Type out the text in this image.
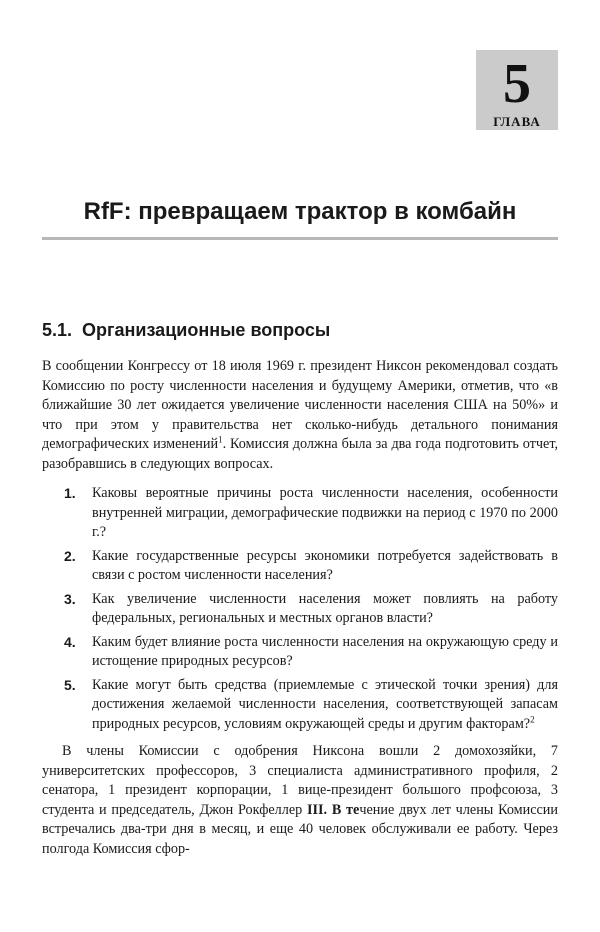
5
ГЛАВА
RfF: превращаем трактор в комбайн
5.1. Организационные вопросы

В сообщении Конгрессу от 18 июля 1969 г. президент Никсон рекомендовал создать Комиссию по росту численности населения и будущему Америки, отметив, что «в ближайшие 30 лет ожидается увеличение численности населения США на 50%» и что при этом у правительства нет сколько-нибудь детального понимания демографических изменений$^1$. Комиссия должна была за два года подготовить отчет, разобравшись в следующих вопросах.

1. Каковы вероятные причины роста численности населения, особенности внутренней миграции, демографические подвижки на период с 1970 по 2000 г.?
2. Какие государственные ресурсы экономики потребуется задействовать в связи с ростом численности населения?
3. Как увеличение численности населения может повлиять на работу федеральных, региональных и местных органов власти?
4. Каким будет влияние роста численности населения на окружающую среду и истощение природных ресурсов?
5. Какие могут быть средства (приемлемые с этической точки зрения) для достижения желаемой численности населения, соответствующей запасам природных ресурсов, условиям окружающей среды и другим факторам?$^2$

В члены Комиссии с одобрения Никсона вошли 2 домохозяйки, 7 университетских профессоров, 3 специалиста административного профиля, 2 сенатора, 1 президент корпорации, 1 вице-президент большого профсоюза, 3 студента и председатель, Джон Рокфеллер III. В течение двух лет члены Комиссии встречались два-три дня в месяц, и еще 40 человек обслуживали ее работу. Через полгода Комиссия сфор-
